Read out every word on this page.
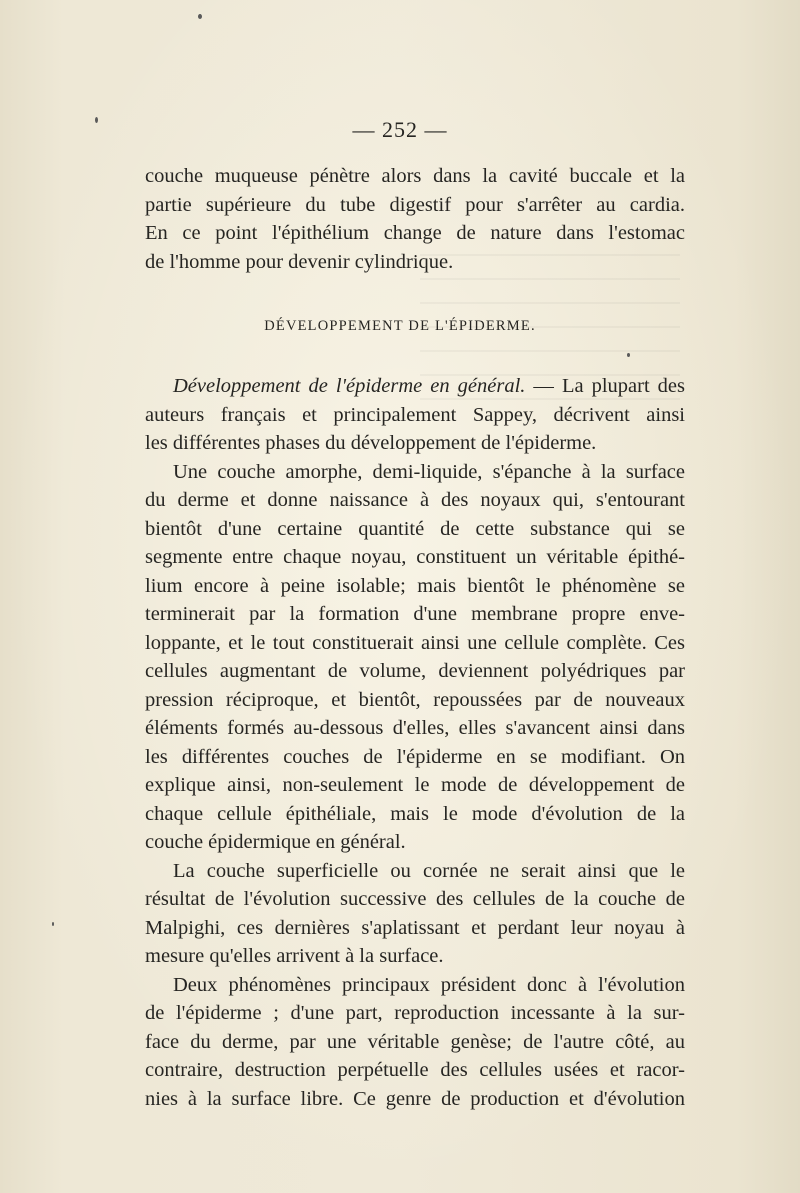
— 252 —
couche muqueuse pénètre alors dans la cavité buccale et la
partie supérieure du tube digestif pour s'arrêter au cardia.
En ce point l'épithélium change de nature dans l'estomac
de l'homme pour devenir cylindrique.
DÉVELOPPEMENT DE L'ÉPIDERME.
Développement de l'épiderme en général. — La plupart des
auteurs français et principalement Sappey, décrivent ainsi
les différentes phases du développement de l'épiderme.
Une couche amorphe, demi-liquide, s'épanche à la surface
du derme et donne naissance à des noyaux qui, s'entourant
bientôt d'une certaine quantité de cette substance qui se
segmente entre chaque noyau, constituent un véritable épithé-
lium encore à peine isolable; mais bientôt le phénomène se
terminerait par la formation d'une membrane propre enve-
loppante, et le tout constituerait ainsi une cellule complète. Ces
cellules augmentant de volume, deviennent polyédriques par
pression réciproque, et bientôt, repoussées par de nouveaux
éléments formés au-dessous d'elles, elles s'avancent ainsi dans
les différentes couches de l'épiderme en se modifiant. On
explique ainsi, non-seulement le mode de développement de
chaque cellule épithéliale, mais le mode d'évolution de la
couche épidermique en général.
La couche superficielle ou cornée ne serait ainsi que le
résultat de l'évolution successive des cellules de la couche de
Malpighi, ces dernières s'aplatissant et perdant leur noyau à
mesure qu'elles arrivent à la surface.
Deux phénomènes principaux président donc à l'évolution
de l'épiderme ; d'une part, reproduction incessante à la sur-
face du derme, par une véritable genèse; de l'autre côté, au
contraire, destruction perpétuelle des cellules usées et racor-
nies à la surface libre. Ce genre de production et d'évolution
